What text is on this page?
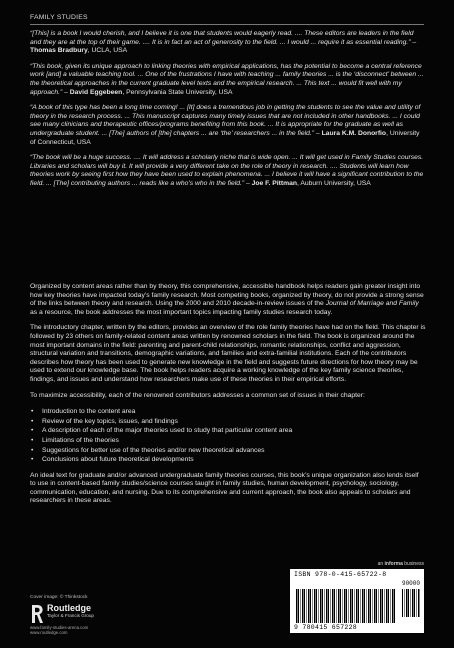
FAMILY STUDIES

“[This] is a book I would cherish, and I believe it is one that students would eagerly read. .... These editors are leaders in the field and they are at the top of their game. .... It is in fact an act of generosity to the field. ... I would ... require it as essential reading.” – Thomas Bradbury, UCLA, USA

“This book, given its unique approach to linking theories with empirical applications, has the potential to become a central reference work [and] a valuable teaching tool. ... One of the frustrations I have with teaching ... family theories ... is the ‘disconnect’ between ... the theoretical approaches in the current graduate level texts and the empirical research. ... This text ... would fit well with my approach.” – David Eggebeen, Pennsylvania State University, USA

“A book of this type has been a long time coming! ... [It] does a tremendous job in getting the students to see the value and utility of theory in the research process. ... This manuscript captures many timely issues that are not included in other handbooks. ... I could see many clinicians and therapeutic offices/programs benefiting from this book. ... It is appropriate for the graduate as well as undergraduate student. ... [The] authors of [the] chapters ... are ‘the’ researchers ... in the field.” – Laura K.M. Donorfio, University of Connecticut, USA

“The book will be a huge success. .... It will address a scholarly niche that is wide open. ... It will get used in Family Studies courses. Libraries and scholars will buy it. It will provide a very different take on the role of theory in research. .... Students will learn how theories work by seeing first how they have been used to explain phenomena. ... I believe it will have a significant contribution to the field. ... [The] contributing authors ... reads like a who’s who in the field.” – Joe F. Pittman, Auburn University, USA

Organized by content areas rather than by theory, this comprehensive, accessible handbook helps readers gain greater insight into how key theories have impacted today’s family research. Most competing books, organized by theory, do not provide a strong sense of the links between theory and research. Using the 2000 and 2010 decade-in-review issues of the Journal of Marriage and Family as a resource, the book addresses the most important topics impacting family studies research today.

The introductory chapter, written by the editors, provides an overview of the role family theories have had on the field. This chapter is followed by 23 others on family-related content areas written by renowned scholars in the field. The book is organized around the most important domains in the field: parenting and parent-child relationships, romantic relationships, conflict and aggression, structural variation and transitions, demographic variations, and families and extra-familial institutions. Each of the contributors describes how theory has been used to generate new knowledge in the field and suggests future directions for how theory may be used to extend our knowledge base. The book helps readers acquire a working knowledge of the key family science theories, findings, and issues and understand how researchers make use of these theories in their empirical efforts.

To maximize accessibility, each of the renowned contributors addresses a common set of issues in their chapter:

• Introduction to the content area
• Review of the key topics, issues, and findings
• A description of each of the major theories used to study that particular content area
• Limitations of the theories
• Suggestions for better use of the theories and/or new theoretical advances
• Conclusions about future theoretical developments

An ideal text for graduate and/or advanced undergraduate family theories courses, this book’s unique organization also lends itself to use in content-based family studies/science courses taught in family studies, human development, psychology, sociology, communication, education, and nursing. Due to its comprehensive and current approach, the book also appeals to scholars and researchers in these areas.

an informa business
ISBN 978-0-415-65722-8
90000
9 780415 657228
Cover image: © Thinkstock
Routledge
Taylor & Francis Group
www.family-studies-arena.com
www.routledge.com
